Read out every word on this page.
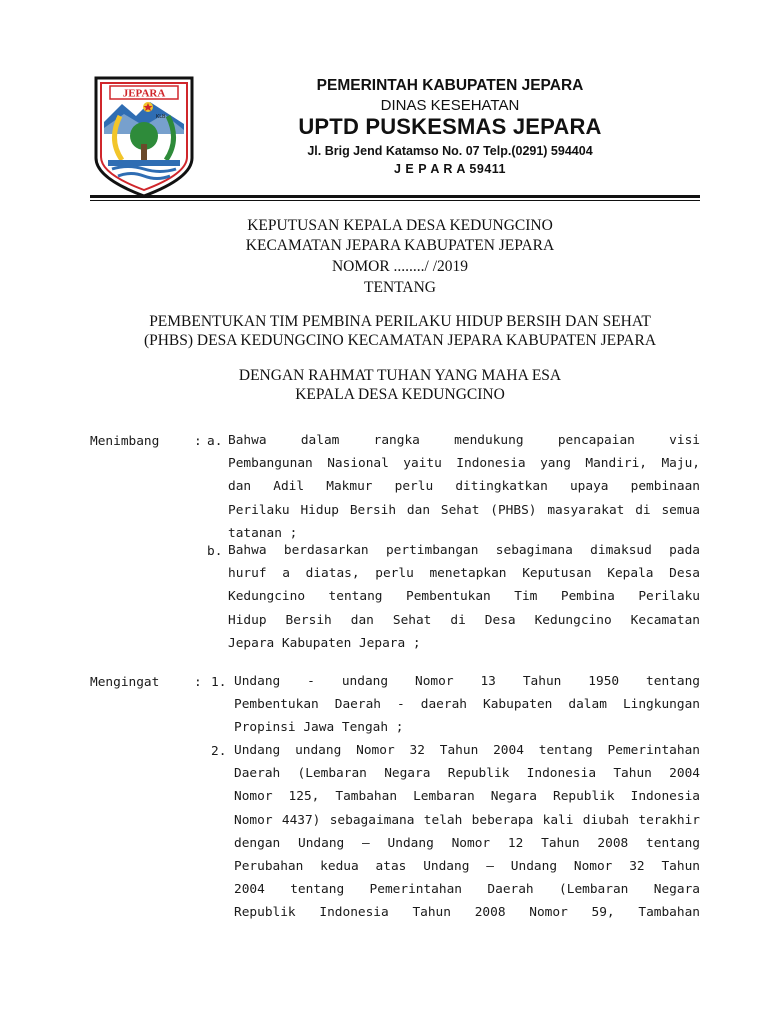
JEPARA
KLB
PEMERINTAH KABUPATEN JEPARA
DINAS KESEHATAN
UPTD PUSKESMAS JEPARA
Jl. Brig Jend Katamso No. 07 Telp.(0291) 594404
J E P A R A 59411
KEPUTUSAN KEPALA DESA KEDUNGCINO
KECAMATAN JEPARA KABUPATEN JEPARA
NOMOR ......../ /2019
TENTANG
PEMBENTUKAN TIM PEMBINA PERILAKU HIDUP BERSIH DAN SEHAT
(PHBS) DESA KEDUNGCINO KECAMATAN JEPARA KABUPATEN JEPARA
DENGAN RAHMAT TUHAN YANG MAHA ESA
KEPALA DESA KEDUNGCINO
Menimbang	: a. Bahwa dalam rangka mendukung pencapaian visi
Pembangunan Nasional yaitu Indonesia yang Mandiri, Maju,
dan Adil Makmur perlu ditingkatkan upaya pembinaan
Perilaku Hidup Bersih dan Sehat (PHBS) masyarakat di semua
tatanan ;
b. Bahwa berdasarkan pertimbangan sebagimana dimaksud pada
huruf a diatas, perlu menetapkan Keputusan Kepala Desa
Kedungcino tentang Pembentukan Tim Pembina Perilaku
Hidup Bersih dan Sehat di Desa Kedungcino Kecamatan
Jepara Kabupaten Jepara ;
Mengingat	: 1. Undang - undang Nomor 13 Tahun 1950 tentang
Pembentukan Daerah - daerah Kabupaten dalam Lingkungan
Propinsi Jawa Tengah ;
2. Undang undang Nomor 32 Tahun 2004 tentang Pemerintahan
Daerah (Lembaran Negara Republik Indonesia Tahun 2004
Nomor 125, Tambahan Lembaran Negara Republik Indonesia
Nomor 4437) sebagaimana telah beberapa kali diubah terakhir
dengan Undang – Undang Nomor 12 Tahun 2008 tentang
Perubahan kedua atas Undang – Undang Nomor 32 Tahun
2004 tentang Pemerintahan Daerah (Lembaran Negara
Republik Indonesia Tahun 2008 Nomor 59, Tambahan
